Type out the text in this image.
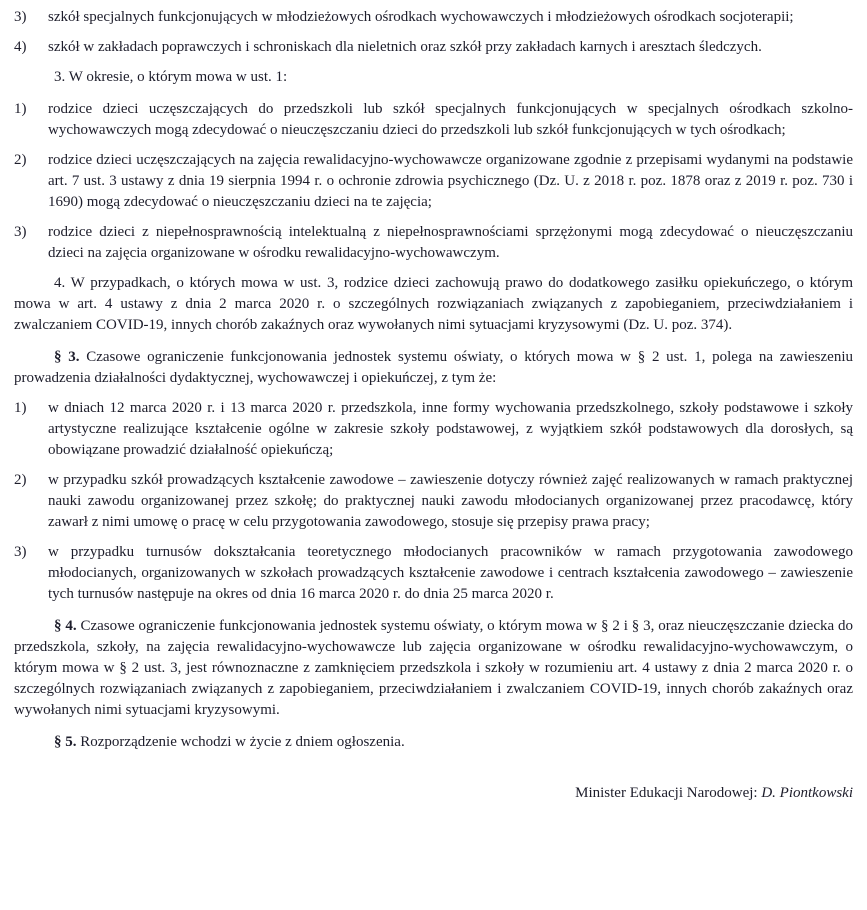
3)	szkół specjalnych funkcjonujących w młodzieżowych ośrodkach wychowawczych i młodzieżowych ośrodkach socjoterapii;
4)	szkół w zakładach poprawczych i schroniskach dla nieletnich oraz szkół przy zakładach karnych i aresztach śledczych.

3. W okresie, o którym mowa w ust. 1:

1)	rodzice dzieci uczęszczających do przedszkoli lub szkół specjalnych funkcjonujących w specjalnych ośrodkach szkolno-wychowawczych mogą zdecydować o nieuczęszczaniu dzieci do przedszkoli lub szkół funkcjonujących w tych ośrodkach;
2)	rodzice dzieci uczęszczających na zajęcia rewalidacyjno-wychowawcze organizowane zgodnie z przepisami wydanymi na podstawie art. 7 ust. 3 ustawy z dnia 19 sierpnia 1994 r. o ochronie zdrowia psychicznego (Dz. U. z 2018 r. poz. 1878 oraz z 2019 r. poz. 730 i 1690) mogą zdecydować o nieuczęszczaniu dzieci na te zajęcia;
3)	rodzice dzieci z niepełnosprawnością intelektualną z niepełnosprawnościami sprzężonymi mogą zdecydować o nieuczęszczaniu dzieci na zajęcia organizowane w ośrodku rewalidacyjno-wychowawczym.

4. W przypadkach, o których mowa w ust. 3, rodzice dzieci zachowują prawo do dodatkowego zasiłku opiekuńczego, o którym mowa w art. 4 ustawy z dnia 2 marca 2020 r. o szczególnych rozwiązaniach związanych z zapobieganiem, przeciwdziałaniem i zwalczaniem COVID-19, innych chorób zakaźnych oraz wywołanych nimi sytuacjami kryzysowymi (Dz. U. poz. 374).

§ 3. Czasowe ograniczenie funkcjonowania jednostek systemu oświaty, o których mowa w § 2 ust. 1, polega na zawieszeniu prowadzenia działalności dydaktycznej, wychowawczej i opiekuńczej, z tym że:

1)	w dniach 12 marca 2020 r. i 13 marca 2020 r. przedszkola, inne formy wychowania przedszkolnego, szkoły podstawowe i szkoły artystyczne realizujące kształcenie ogólne w zakresie szkoły podstawowej, z wyjątkiem szkół podstawowych dla dorosłych, są obowiązane prowadzić działalność opiekuńczą;
2)	w przypadku szkół prowadzących kształcenie zawodowe – zawieszenie dotyczy również zajęć realizowanych w ramach praktycznej nauki zawodu organizowanej przez szkołę; do praktycznej nauki zawodu młodocianych organizowanej przez pracodawcę, który zawarł z nimi umowę o pracę w celu przygotowania zawodowego, stosuje się przepisy prawa pracy;
3)	w przypadku turnusów dokształcania teoretycznego młodocianych pracowników w ramach przygotowania zawodowego młodocianych, organizowanych w szkołach prowadzących kształcenie zawodowe i centrach kształcenia zawodowego – zawieszenie tych turnusów następuje na okres od dnia 16 marca 2020 r. do dnia 25 marca 2020 r.

§ 4. Czasowe ograniczenie funkcjonowania jednostek systemu oświaty, o którym mowa w § 2 i § 3, oraz nieuczęszczanie dziecka do przedszkola, szkoły, na zajęcia rewalidacyjno-wychowawcze lub zajęcia organizowane w ośrodku rewalidacyjno-wychowawczym, o którym mowa w § 2 ust. 3, jest równoznaczne z zamknięciem przedszkola i szkoły w rozumieniu art. 4 ustawy z dnia 2 marca 2020 r. o szczególnych rozwiązaniach związanych z zapobieganiem, przeciwdziałaniem i zwalczaniem COVID-19, innych chorób zakaźnych oraz wywołanych nimi sytuacjami kryzysowymi.

§ 5. Rozporządzenie wchodzi w życie z dniem ogłoszenia.

Minister Edukacji Narodowej: D. Piontkowski
